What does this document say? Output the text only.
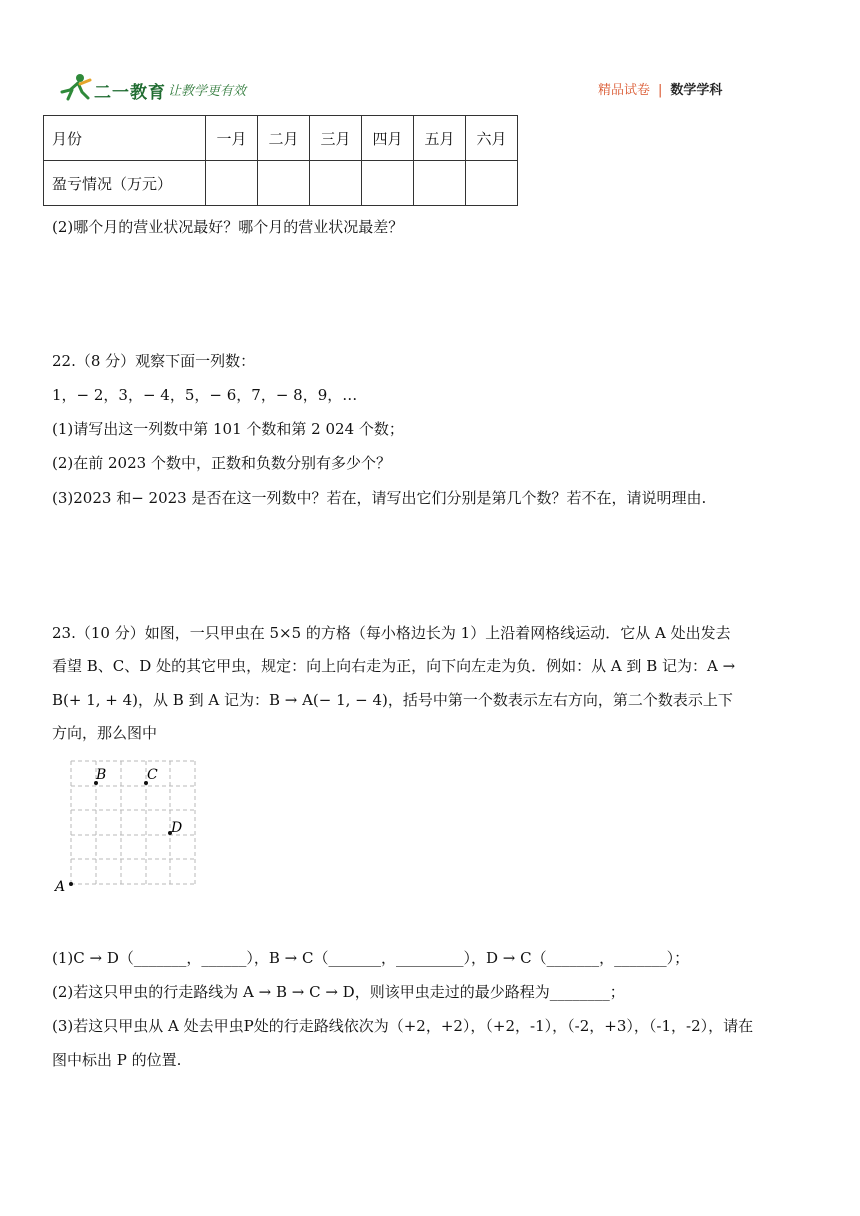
二一教育 让教学更有效	精品试卷 | 数学学科
月份	一月	二月	三月	四月	五月	六月
盈亏情况（万元）						
(2)哪个月的营业状况最好？哪个月的营业状况最差？
22.（8 分）观察下面一列数：
1，− 2，3，− 4，5，− 6，7，− 8，9，…
(1)请写出这一列数中第 101 个数和第 2 024 个数；
(2)在前 2023 个数中，正数和负数分别有多少个？
(3)2023 和− 2023 是否在这一列数中？若在，请写出它们分别是第几个数？若不在，请说明理由.
23.（10 分）如图，一只甲虫在 5×5 的方格（每小格边长为 1）上沿着网格线运动．它从 A 处出发去
看望 B、C、D 处的其它甲虫，规定：向上向右走为正，向下向左走为负．例如：从 A 到 B 记为：A →
B(+ 1, + 4)，从 B 到 A 记为：B → A(− 1, − 4)，括号中第一个数表示左右方向，第二个数表示上下
方向，那么图中
A
B	C
D
(1)C → D（_______，______），B → C（_______，_________），D → C（_______，_______）；
(2)若这只甲虫的行走路线为 A → B → C → D，则该甲虫走过的最少路程为________；
(3)若这只甲虫从 A 处去甲虫P处的行走路线依次为（+2，+2），（+2，-1），（-2，+3），（-1，-2），请在
图中标出 P 的位置.
